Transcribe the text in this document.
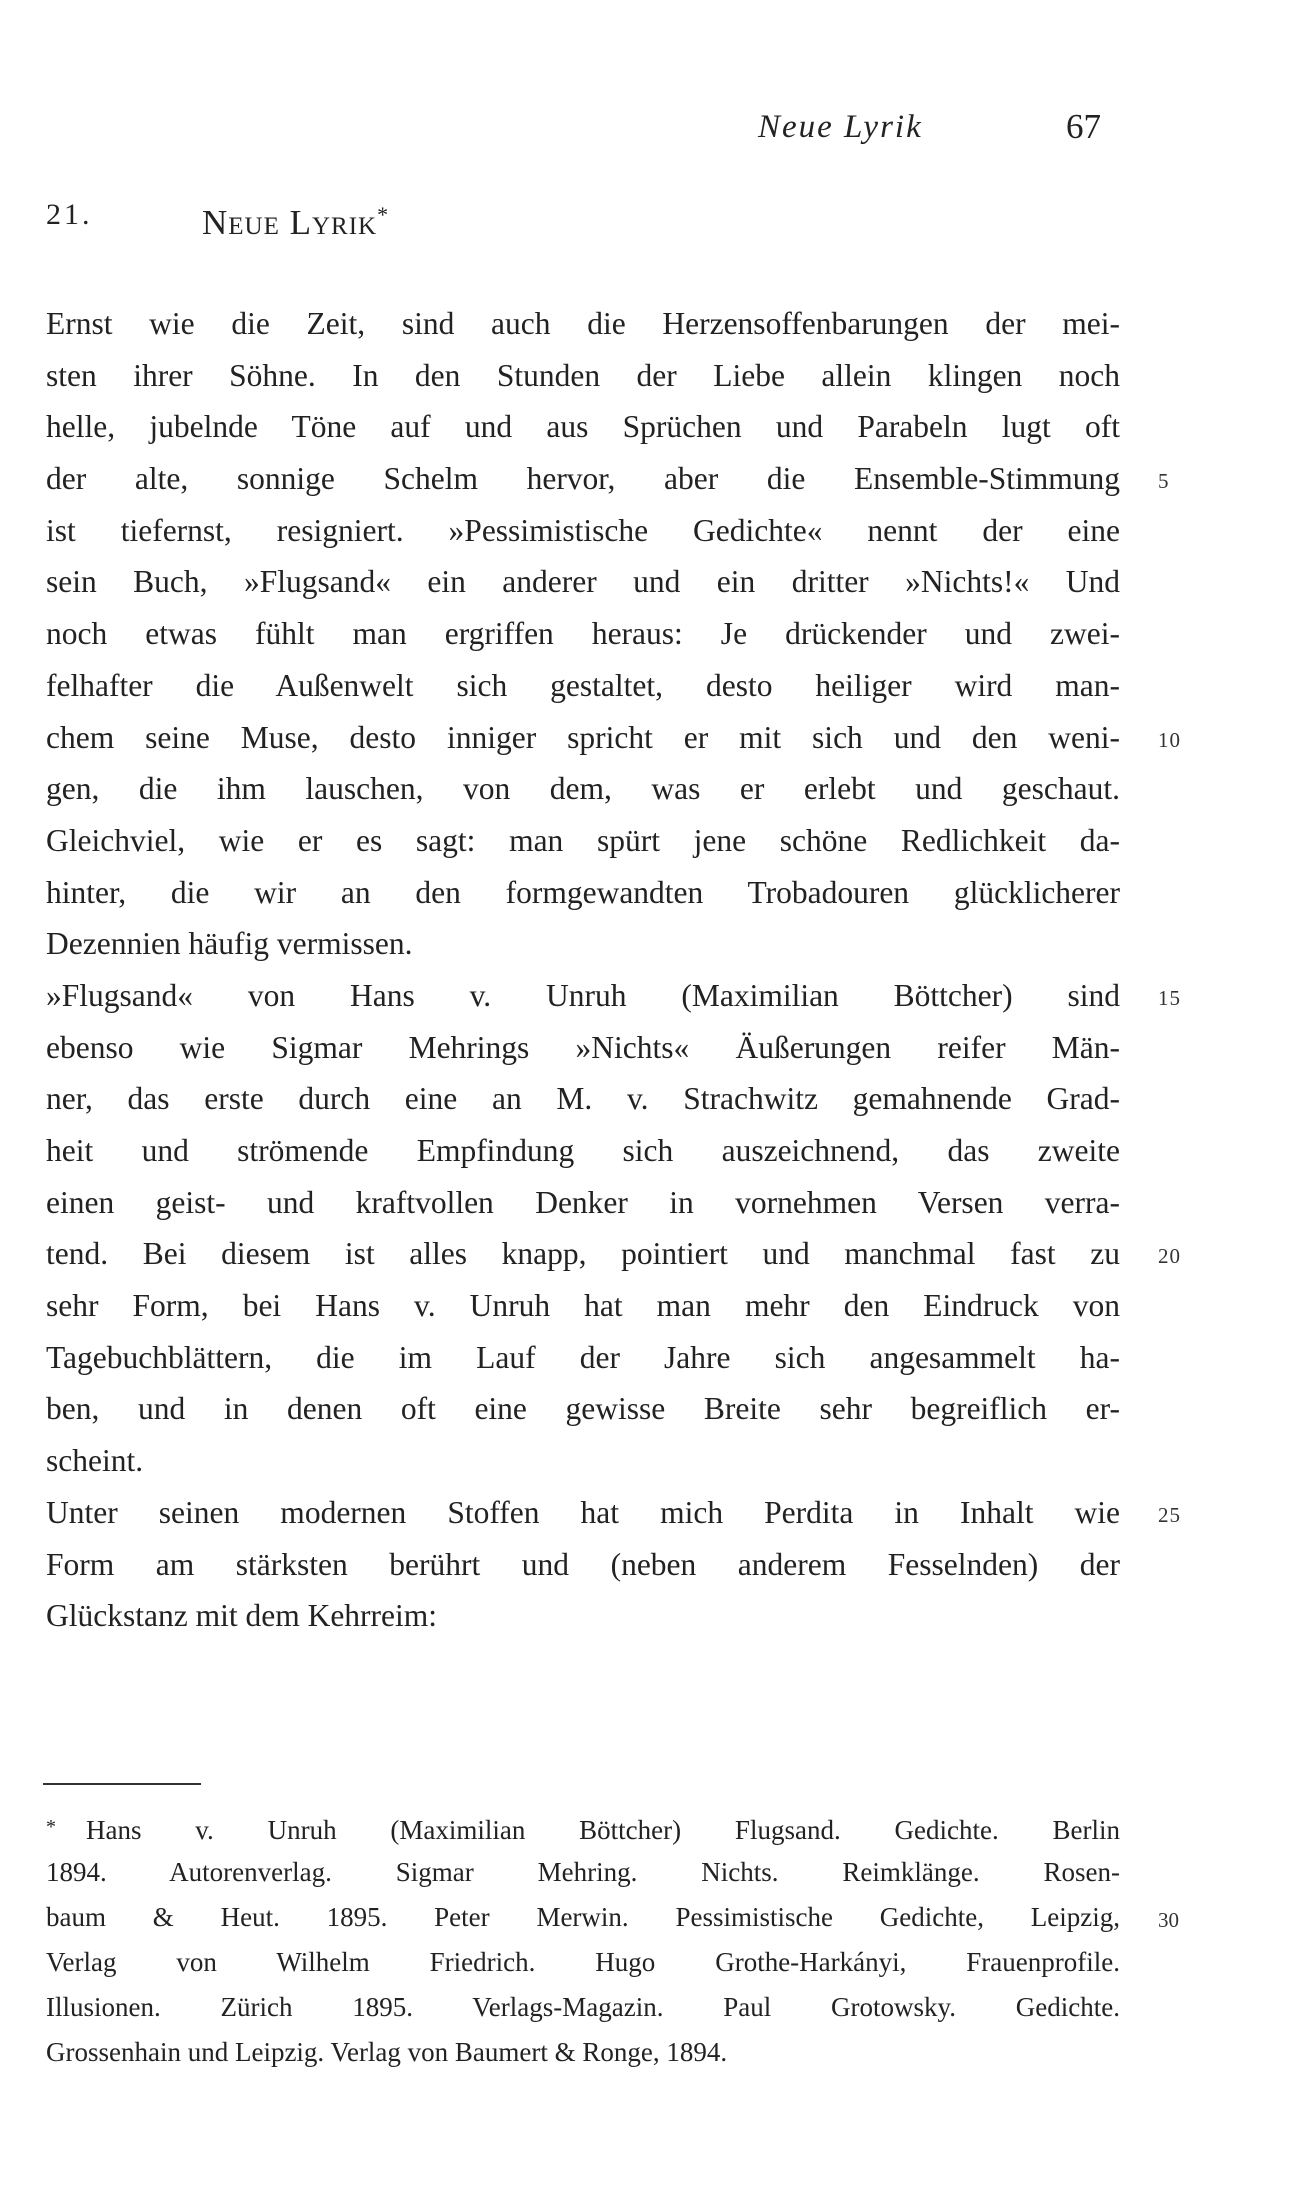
Neue Lyrik	67
21.	Neue Lyrik*
Ernst wie die Zeit, sind auch die Herzensoffenbarungen der mei-
sten ihrer Söhne. In den Stunden der Liebe allein klingen noch
helle, jubelnde Töne auf und aus Sprüchen und Parabeln lugt oft
der alte, sonnige Schelm hervor, aber die Ensemble-Stimmung 5
ist tiefernst, resigniert. »Pessimistische Gedichte« nennt der eine
sein Buch, »Flugsand« ein anderer und ein dritter »Nichts!« Und
noch etwas fühlt man ergriffen heraus: Je drückender und zwei-
felhafter die Außenwelt sich gestaltet, desto heiliger wird man-
chem seine Muse, desto inniger spricht er mit sich und den weni- 10
gen, die ihm lauschen, von dem, was er erlebt und geschaut.
Gleichviel, wie er es sagt: man spürt jene schöne Redlichkeit da-
hinter, die wir an den formgewandten Trobadouren glücklicherer
Dezennien häufig vermissen.
»Flugsand« von Hans v. Unruh (Maximilian Böttcher) sind 15
ebenso wie Sigmar Mehrings »Nichts« Äußerungen reifer Män-
ner, das erste durch eine an M. v. Strachwitz gemahnende Grad-
heit und strömende Empfindung sich auszeichnend, das zweite
einen geist- und kraftvollen Denker in vornehmen Versen verra-
tend. Bei diesem ist alles knapp, pointiert und manchmal fast zu 20
sehr Form, bei Hans v. Unruh hat man mehr den Eindruck von
Tagebuchblättern, die im Lauf der Jahre sich angesammelt ha-
ben, und in denen oft eine gewisse Breite sehr begreiflich er-
scheint.
Unter seinen modernen Stoffen hat mich Perdita in Inhalt wie 25
Form am stärksten berührt und (neben anderem Fesselnden) der
Glückstanz mit dem Kehrreim:
* Hans v. Unruh (Maximilian Böttcher) Flugsand. Gedichte. Berlin
1894. Autorenverlag. Sigmar Mehring. Nichts. Reimklänge. Rosen-
baum & Heut. 1895. Peter Merwin. Pessimistische Gedichte, Leipzig, 30
Verlag von Wilhelm Friedrich. Hugo Grothe-Harkányi, Frauenprofile.
Illusionen. Zürich 1895. Verlags-Magazin. Paul Grotowsky. Gedichte.
Grossenhain und Leipzig. Verlag von Baumert & Ronge, 1894.
